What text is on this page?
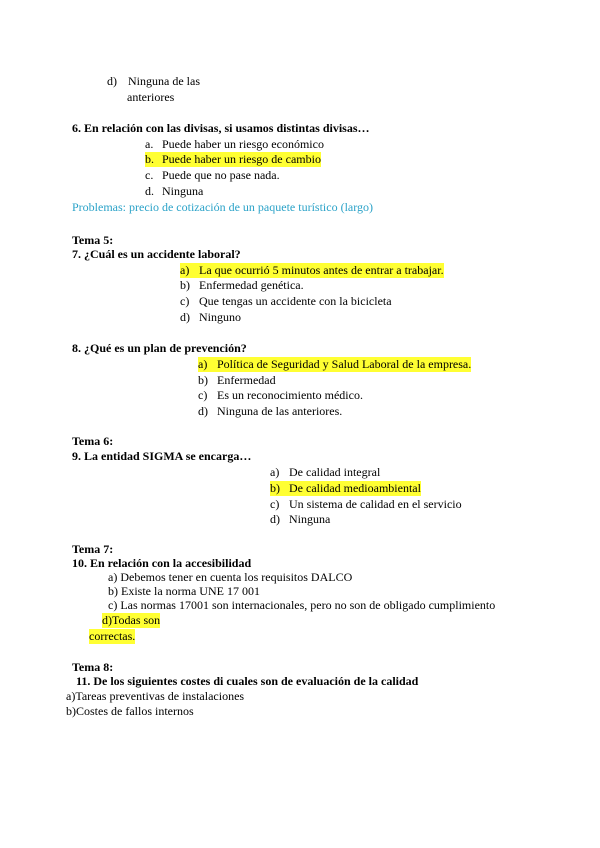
d) Ninguna de las
anteriores
6. En relación con las divisas, si usamos distintas divisas…
a. Puede haber un riesgo económico
b. Puede haber un riesgo de cambio
c. Puede que no pase nada.
d. Ninguna
Problemas: precio de cotización de un paquete turístico (largo)
Tema 5:
7. ¿Cuál es un accidente laboral?
a) La que ocurrió 5 minutos antes de entrar a trabajar.
b) Enfermedad genética.
c) Que tengas un accidente con la bicicleta
d) Ninguno
8. ¿Qué es un plan de prevención?
a) Política de Seguridad y Salud Laboral de la empresa.
b) Enfermedad
c) Es un reconocimiento médico.
d) Ninguna de las anteriores.
Tema 6:
9. La entidad SIGMA se encarga…
a) De calidad integral
b) De calidad medioambiental
c) Un sistema de calidad en el servicio
d) Ninguna
Tema 7:
10. En relación con la accesibilidad
a) Debemos tener en cuenta los requisitos DALCO
b) Existe la norma UNE 17 001
c) Las normas 17001 son internacionales, pero no son de obligado cumplimiento
d)Todas son
correctas.
Tema 8:
11. De los siguientes costes di cuales son de evaluación de la calidad
a)Tareas preventivas de instalaciones
b)Costes de fallos internos
